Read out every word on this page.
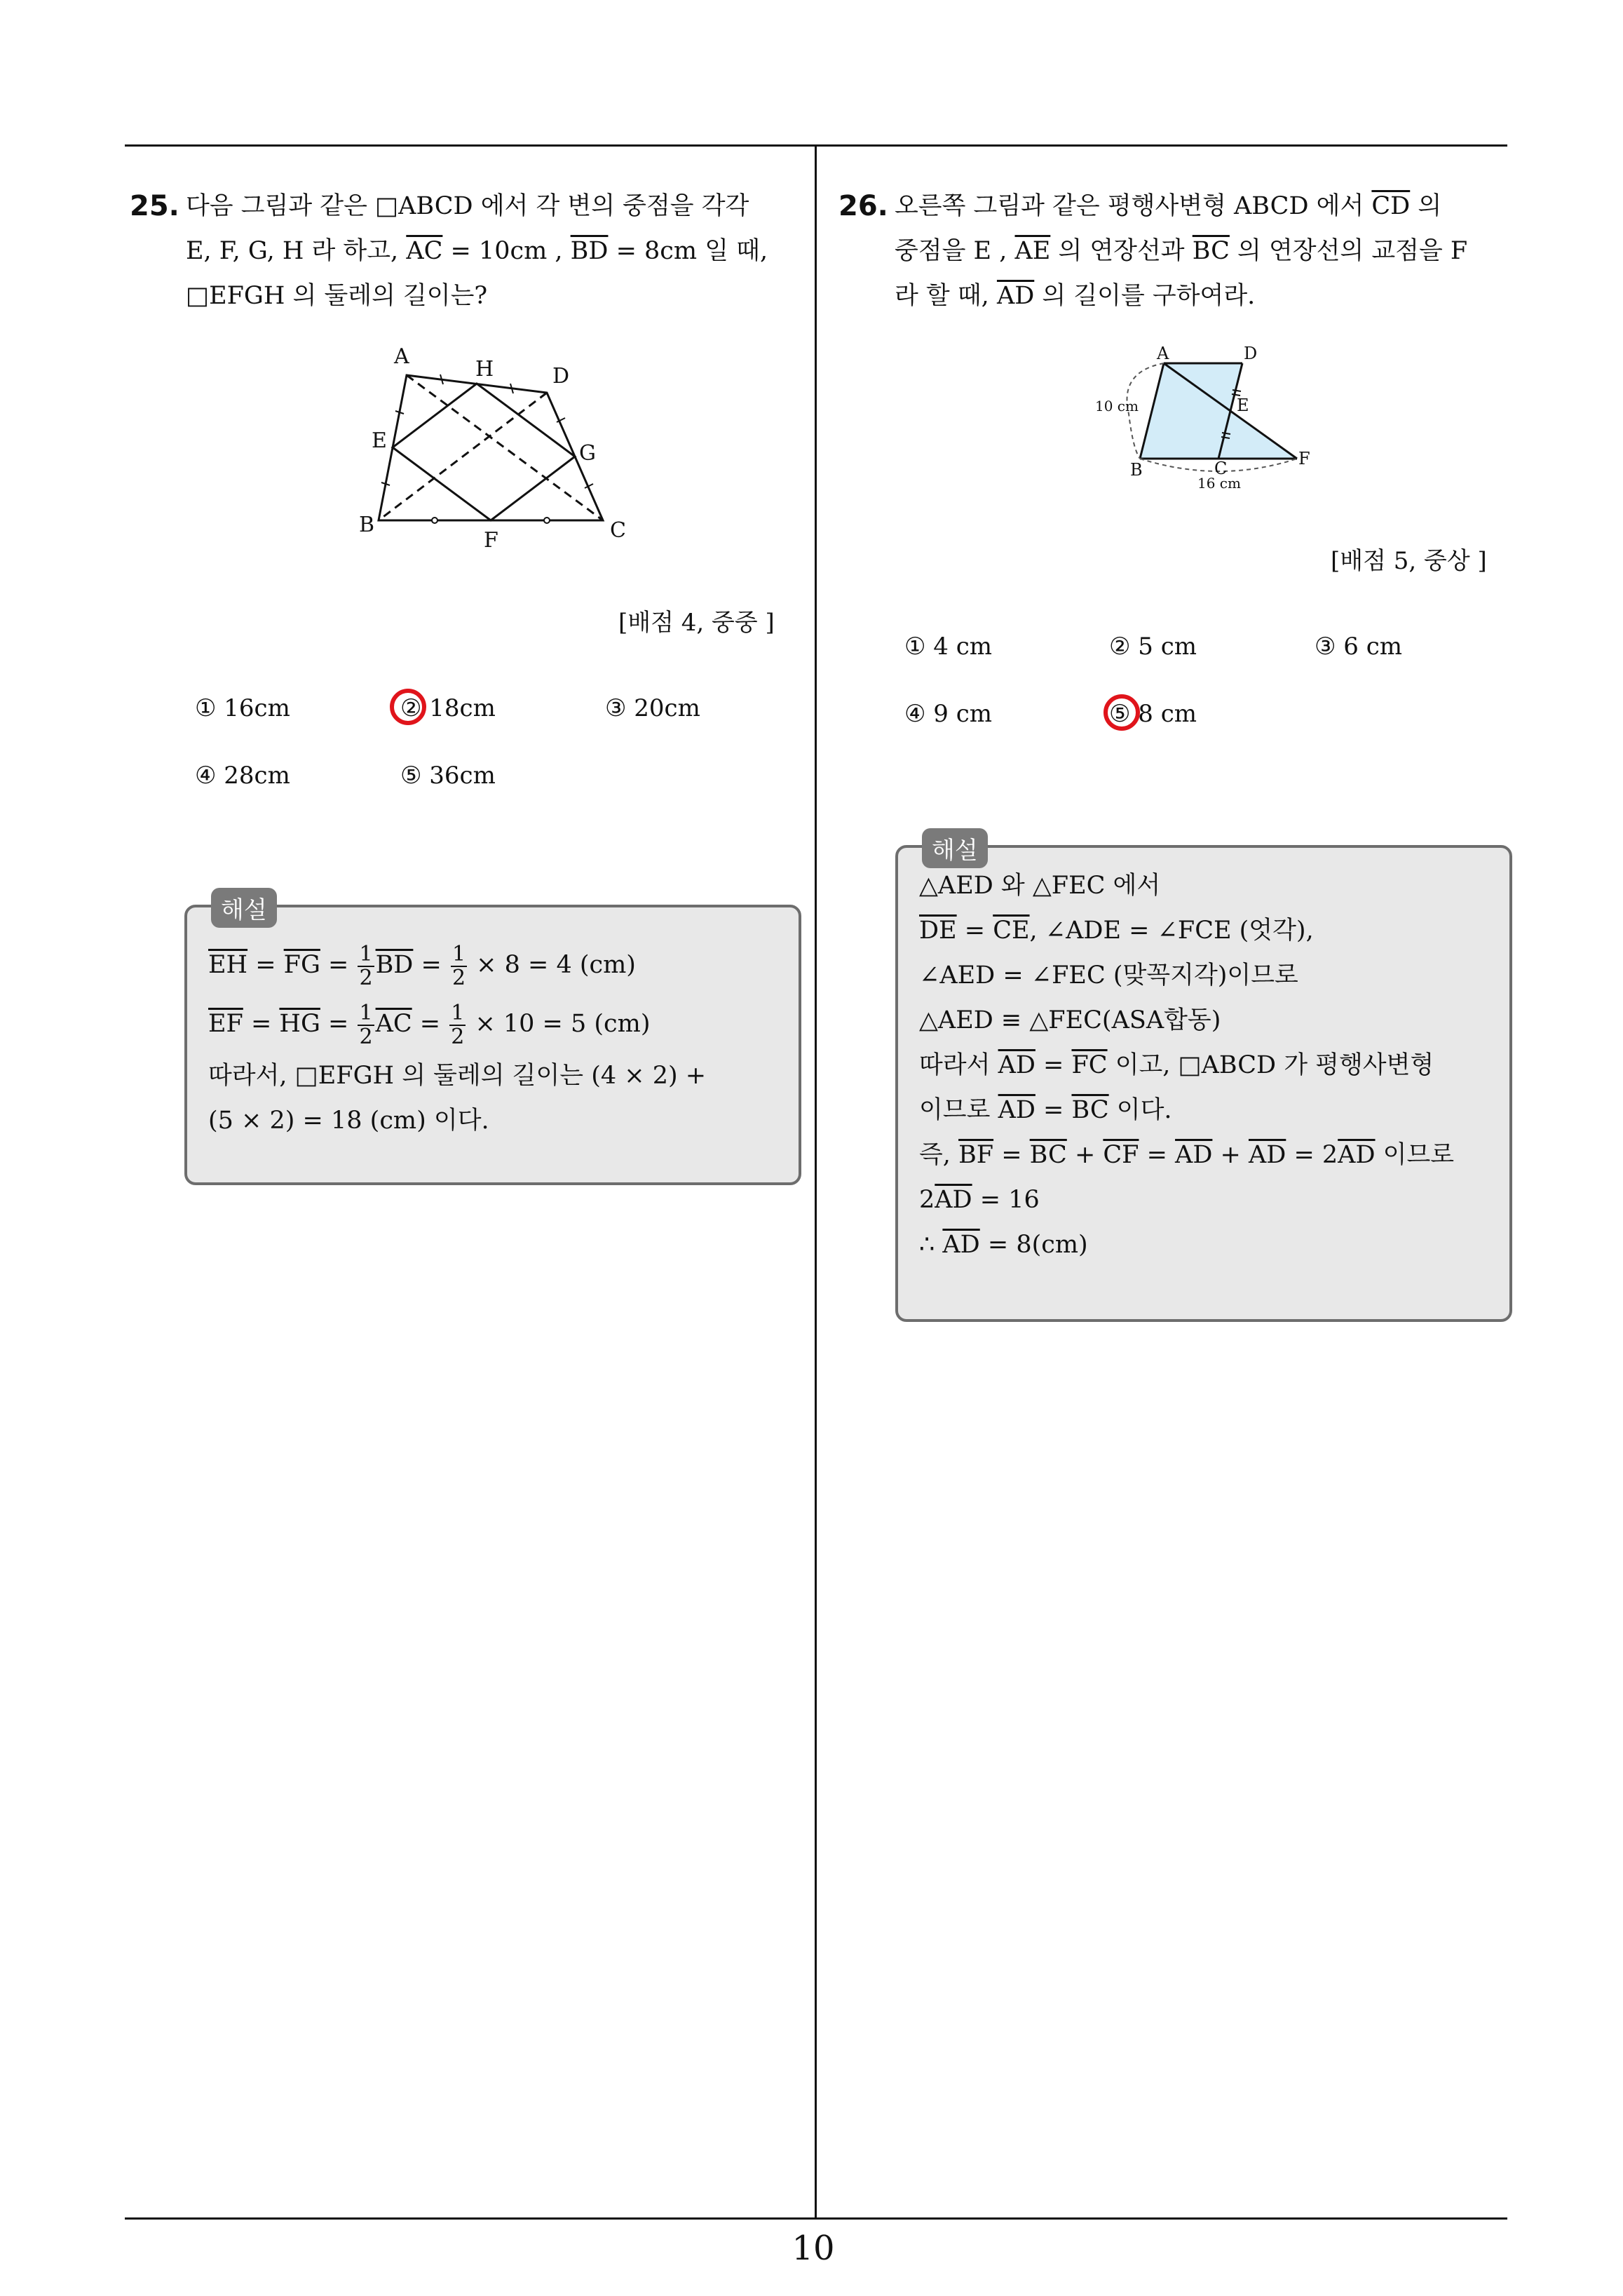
10
25. 다음 그림과 같은 □ABCD 에서 각 변의 중점을 각각
E, F, G, H 라 하고, $\overline{AC} = 10cm$ , $\overline{BD} = 8cm$ 일 때,
□EFGH 의 둘레의 길이는?
A
H	D
E
G
B
F	C
[배점 4, 중중 ]
① 16cm	② 18cm	③ 20cm
④ 28cm	⑤ 36cm
해설
$\overline{EH} = \overline{FG} = \frac{1}{2} \overline{BD} = \frac{1}{2} \times 8 = 4$ (cm)
$\overline{EF} = \overline{HG} = \frac{1}{2} \overline{AC} = \frac{1}{2} \times 10 = 5$ (cm)
따라서, □EFGH 의 둘레의 길이는 (4 × 2) +
(5 × 2) = 18 (cm) 이다.
26. 오른쪽 그림과 같은 평행사변형 ABCD 에서 $\overline{CD}$ 의
중점을 E , $\overline{AE}$ 의 연장선과 $\overline{BC}$ 의 연장선의 교점을 F
라 할 때, $\overline{AD}$ 의 길이를 구하여라.
A	D
E
B	C	F
10 cm
16 cm
[배점 5, 중상 ]
① 4 cm	② 5 cm	③ 6 cm
④ 9 cm	⑤ 8 cm
해설
△AED 와 △FEC 에서
$\overline{DE} = \overline{CE}$, ∠ADE = ∠FCE (엇각),
∠AED = ∠FEC (맞꼭지각)이므로
△AED ≡ △FEC(ASA합동)
따라서 $\overline{AD} = \overline{FC}$ 이고, □ABCD 가 평행사변형
이므로 $\overline{AD} = \overline{BC}$ 이다.
즉, $\overline{BF} = \overline{BC} + \overline{CF} = \overline{AD} + \overline{AD} = 2\overline{AD}$ 이므로
$2\overline{AD} = 16$
∴ $\overline{AD} = 8(cm)$
